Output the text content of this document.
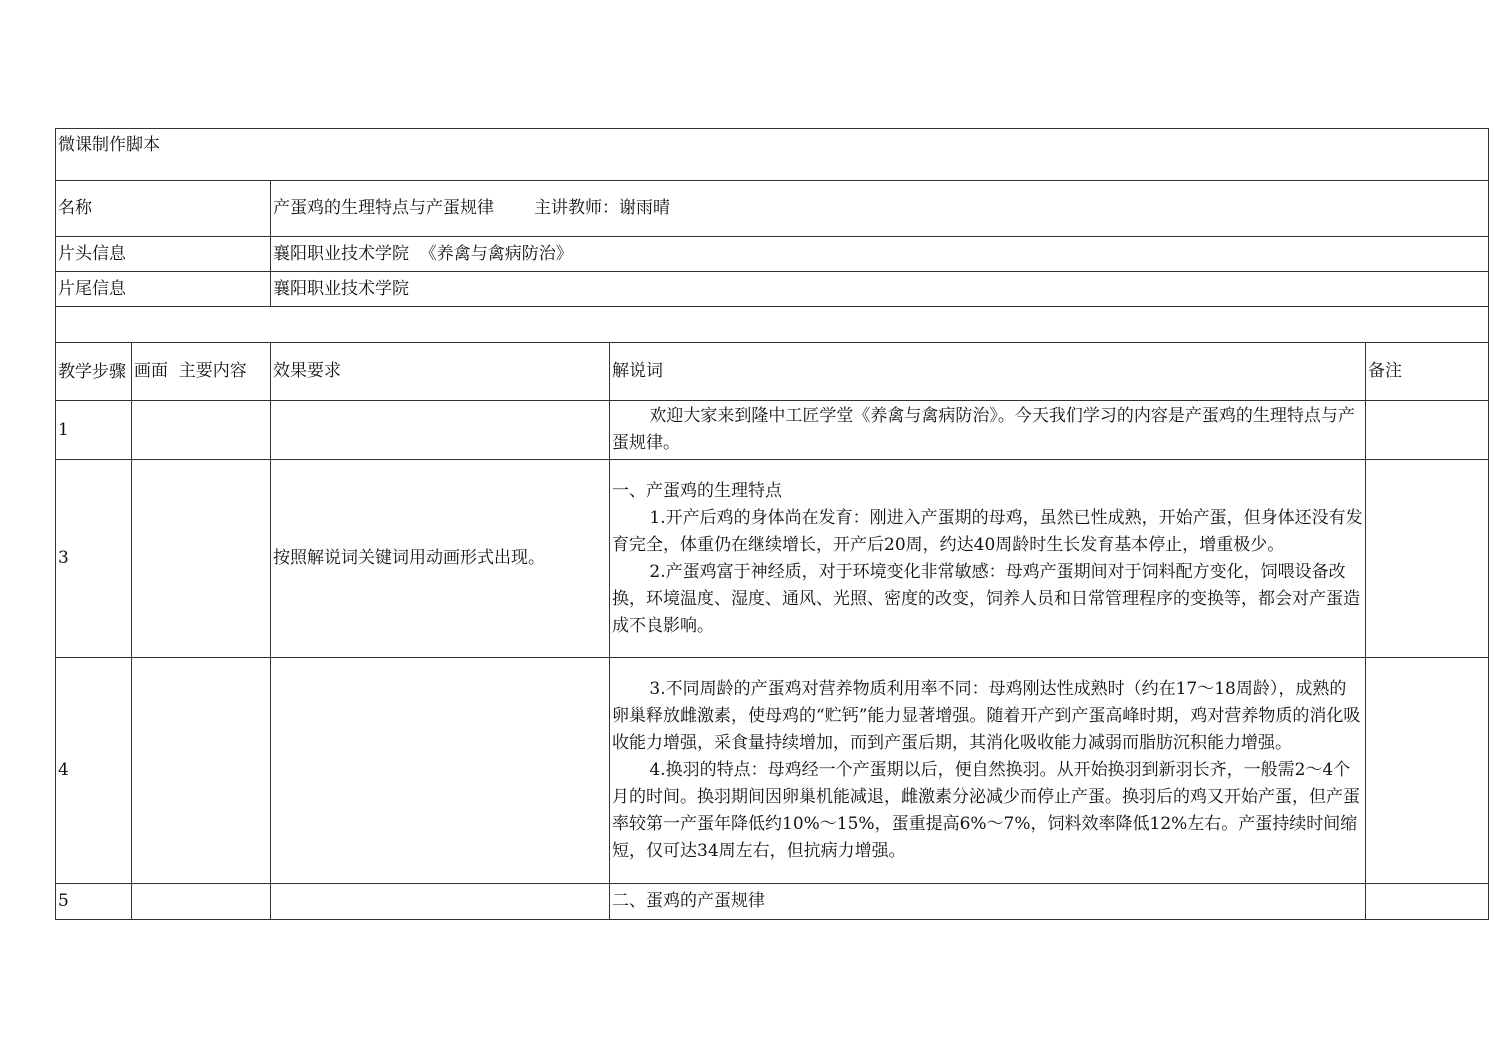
微课制作脚本				
名称		产蛋鸡的生理特点与产蛋规律 主讲教师：谢雨晴		
片头信息		襄阳职业技术学院  《养禽与禽病防治》		
片尾信息		襄阳职业技术学院		

教学步骤	画面  主要内容	效果要求	解说词	备注
1			欢迎大家来到隆中工匠学堂《养禽与禽病防治》。今天我们学习的内容是产蛋鸡的生理特点与产蛋规律。	

3		按照解说词关键词用动画形式出现。	一、产蛋鸡的生理特点
1.开产后鸡的身体尚在发育：刚进入产蛋期的母鸡，虽然已性成熟，开始产蛋，但身体还没有发育完全，体重仍在继续增长，开产后20周，约达40周龄时生长发育基本停止，增重极少。
2.产蛋鸡富于神经质，对于环境变化非常敏感：母鸡产蛋期间对于饲料配方变化，饲喂设备改换，环境温度、湿度、通风、光照、密度的改变，饲养人员和日常管理程序的变换等，都会对产蛋造成不良影响。	

4			3.不同周龄的产蛋鸡对营养物质利用率不同：母鸡刚达性成熟时（约在17～18周龄），成熟的卵巢释放雌激素，使母鸡的“贮钙”能力显著增强。随着开产到产蛋高峰时期，鸡对营养物质的消化吸收能力增强，采食量持续增加，而到产蛋后期，其消化吸收能力减弱而脂肪沉积能力增强。
4.换羽的特点：母鸡经一个产蛋期以后，便自然换羽。从开始换羽到新羽长齐，一般需2～4个月的时间。换羽期间因卵巢机能减退，雌激素分泌减少而停止产蛋。换羽后的鸡又开始产蛋，但产蛋率较第一产蛋年降低约10%～15%，蛋重提高6%～7%，饲料效率降低12%左右。产蛋持续时间缩短，仅可达34周左右，但抗病力增强。	

5			二、蛋鸡的产蛋规律	
